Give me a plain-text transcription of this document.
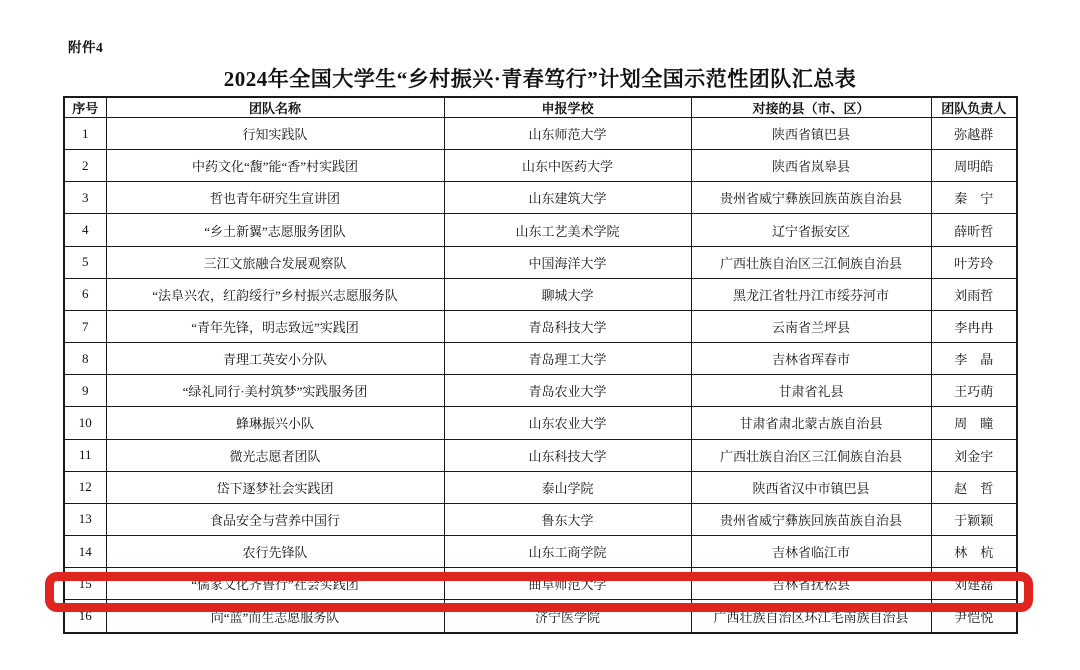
附件4
2024年全国大学生“乡村振兴·青春笃行”计划全国示范性团队汇总表
序号	团队名称	申报学校	对接的县（市、区）	团队负责人
1	行知实践队	山东师范大学	陕西省镇巴县	弥越群
2	中药文化“馥”能“香”村实践团	山东中医药大学	陕西省岚皋县	周明皓
3	哲也青年研究生宣讲团	山东建筑大学	贵州省威宁彝族回族苗族自治县	秦　宁
4	“乡土新翼”志愿服务团队	山东工艺美术学院	辽宁省振安区	薛昕哲
5	三江文旅融合发展观察队	中国海洋大学	广西壮族自治区三江侗族自治县	叶芳玲
6	“法阜兴农，红韵绥行”乡村振兴志愿服务队	聊城大学	黑龙江省牡丹江市绥芬河市	刘雨哲
7	“青年先锋，明志致远”实践团	青岛科技大学	云南省兰坪县	李冉冉
8	青理工英安小分队	青岛理工大学	吉林省珲春市	李　晶
9	“绿礼同行·美村筑梦”实践服务团	青岛农业大学	甘肃省礼县	王巧萌
10	蜂琳振兴小队	山东农业大学	甘肃省肃北蒙古族自治县	周　瞳
11	微光志愿者团队	山东科技大学	广西壮族自治区三江侗族自治县	刘金宇
12	岱下逐梦社会实践团	泰山学院	陕西省汉中市镇巴县	赵　哲
13	食品安全与营养中国行	鲁东大学	贵州省威宁彝族回族苗族自治县	于颖颖
14	农行先锋队	山东工商学院	吉林省临江市	林　杭
15	“儒家文化齐鲁行”社会实践团	曲阜师范大学	吉林省抚松县	刘建磊
16	向“蓝”而生志愿服务队	济宁医学院	广西壮族自治区环江毛南族自治县	尹恺悦
